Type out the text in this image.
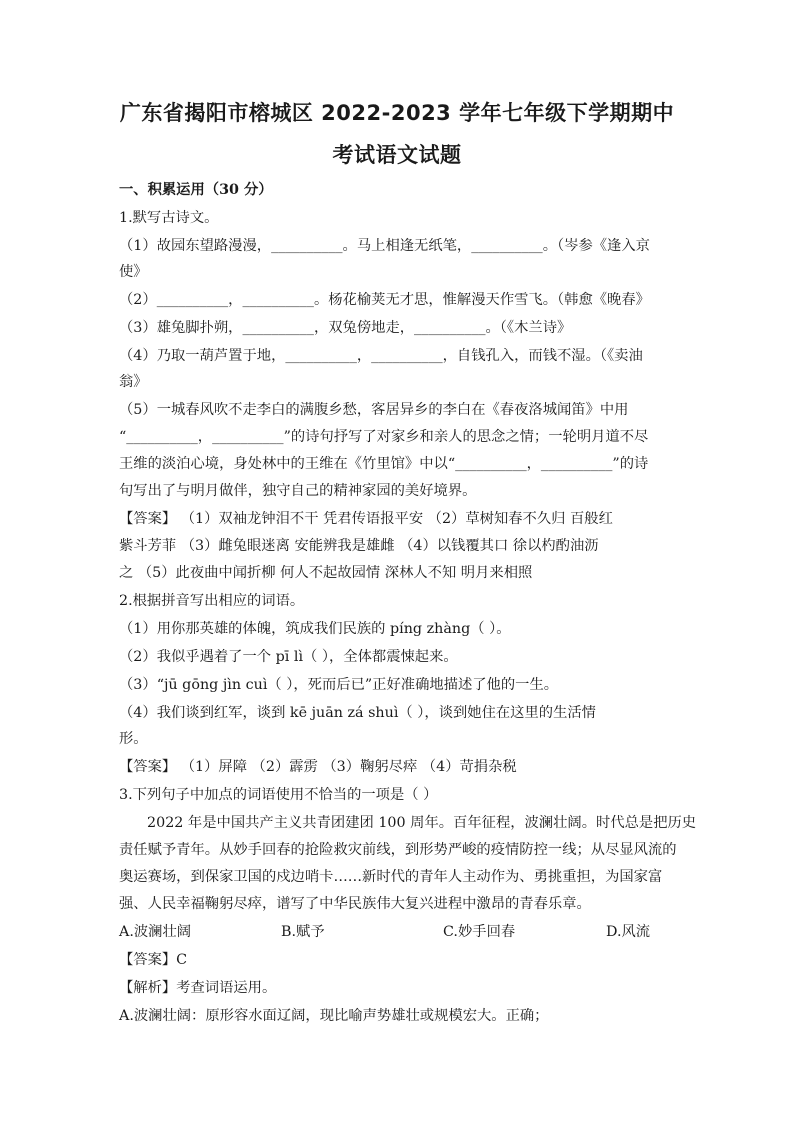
广东省揭阳市榕城区 2022-2023 学年七年级下学期期中
考试语文试题
一、积累运用（30 分）
1.默写古诗文。
（1）故园东望路漫漫，__________。马上相逢无纸笔，__________。（岑参《逢入京
使》
（2）__________，__________。杨花榆荚无才思，惟解漫天作雪飞。（韩愈《晚春》
（3）雄兔脚扑朔，__________，双兔傍地走，__________。（《木兰诗》
（4）乃取一葫芦置于地，__________，__________，自钱孔入，而钱不湿。（《卖油
翁》
（5）一城春风吹不走李白的满腹乡愁，客居异乡的李白在《春夜洛城闻笛》中用
“__________，__________”的诗句抒写了对家乡和亲人的思念之情；一轮明月道不尽
王维的淡泊心境，身处林中的王维在《竹里馆》中以“__________，__________”的诗
句写出了与明月做伴，独守自己的精神家园的美好境界。
【答案】 （1）双袖龙钟泪不干 凭君传语报平安 （2）草树知春不久归 百般红
紫斗芳菲 （3）雌兔眼迷离 安能辨我是雄雌 （4）以钱覆其口 徐以杓酌油沥
之 （5）此夜曲中闻折柳 何人不起故园情 深林人不知 明月来相照
2.根据拼音写出相应的词语。
（1）用你那英雄的体魄，筑成我们民族的 píng zhàng（ ）。
（2）我似乎遇着了一个 pī lì（ ），全体都震悚起来。
（3）“jū gōng jìn cuì（ ），死而后已”正好准确地描述了他的一生。
（4）我们谈到红军，谈到 kē juān zá shuì（ ），谈到她住在这里的生活情
形。
【答案】 （1）屏障 （2）霹雳 （3）鞠躬尽瘁 （4）苛捐杂税
3.下列句子中加点的词语使用不恰当的一项是（ ）
2022 年是中国共产主义共青团建团 100 周年。百年征程，波澜壮阔。时代总是把历史
责任赋予青年。从妙手回春的抢险救灾前线，到形势严峻的疫情防控一线；从尽显风流的
奥运赛场，到保家卫国的戍边哨卡……新时代的青年人主动作为、勇挑重担，为国家富
强、人民幸福鞠躬尽瘁，谱写了中华民族伟大复兴进程中激昂的青春乐章。
A.波澜壮阔	B.赋予	C.妙手回春	D.风流
【答案】C
【解析】考查词语运用。
A.波澜壮阔：原形容水面辽阔，现比喻声势雄壮或规模宏大。正确；
